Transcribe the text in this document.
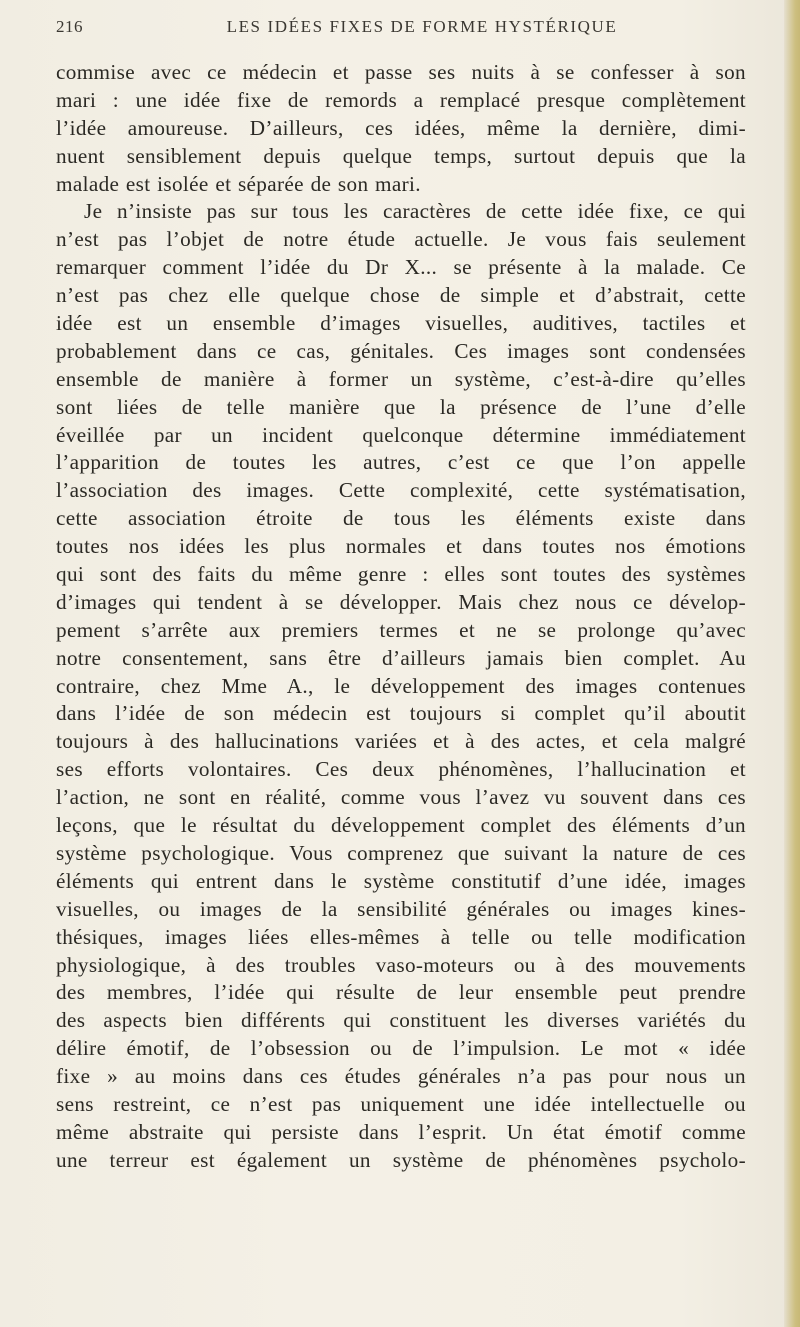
216	LES IDÉES FIXES DE FORME HYSTÉRIQUE
commise avec ce médecin et passe ses nuits à se confesser à son
mari : une idée fixe de remords a remplacé presque complètement
l’idée amoureuse. D’ailleurs, ces idées, même la dernière, dimi-
nuent sensiblement depuis quelque temps, surtout depuis que la
malade est isolée et séparée de son mari.
Je n’insiste pas sur tous les caractères de cette idée fixe, ce qui
n’est pas l’objet de notre étude actuelle. Je vous fais seulement
remarquer comment l’idée du Dr X... se présente à la malade. Ce
n’est pas chez elle quelque chose de simple et d’abstrait, cette
idée est un ensemble d’images visuelles, auditives, tactiles et
probablement dans ce cas, génitales. Ces images sont condensées
ensemble de manière à former un système, c’est-à-dire qu’elles
sont liées de telle manière que la présence de l’une d’elle
éveillée par un incident quelconque détermine immédiatement
l’apparition de toutes les autres, c’est ce que l’on appelle
l’association des images. Cette complexité, cette systématisation,
cette association étroite de tous les éléments existe dans
toutes nos idées les plus normales et dans toutes nos émotions
qui sont des faits du même genre : elles sont toutes des systèmes
d’images qui tendent à se développer. Mais chez nous ce dévelop-
pement s’arrête aux premiers termes et ne se prolonge qu’avec
notre consentement, sans être d’ailleurs jamais bien complet. Au
contraire, chez Mme A., le développement des images contenues
dans l’idée de son médecin est toujours si complet qu’il aboutit
toujours à des hallucinations variées et à des actes, et cela malgré
ses efforts volontaires. Ces deux phénomènes, l’hallucination et
l’action, ne sont en réalité, comme vous l’avez vu souvent dans ces
leçons, que le résultat du développement complet des éléments d’un
système psychologique. Vous comprenez que suivant la nature de ces
éléments qui entrent dans le système constitutif d’une idée, images
visuelles, ou images de la sensibilité générales ou images kines-
thésiques, images liées elles-mêmes à telle ou telle modification
physiologique, à des troubles vaso-moteurs ou à des mouvements
des membres, l’idée qui résulte de leur ensemble peut prendre
des aspects bien différents qui constituent les diverses variétés du
délire émotif, de l’obsession ou de l’impulsion. Le mot « idée
fixe » au moins dans ces études générales n’a pas pour nous un
sens restreint, ce n’est pas uniquement une idée intellectuelle ou
même abstraite qui persiste dans l’esprit. Un état émotif comme
une terreur est également un système de phénomènes psycholo-
